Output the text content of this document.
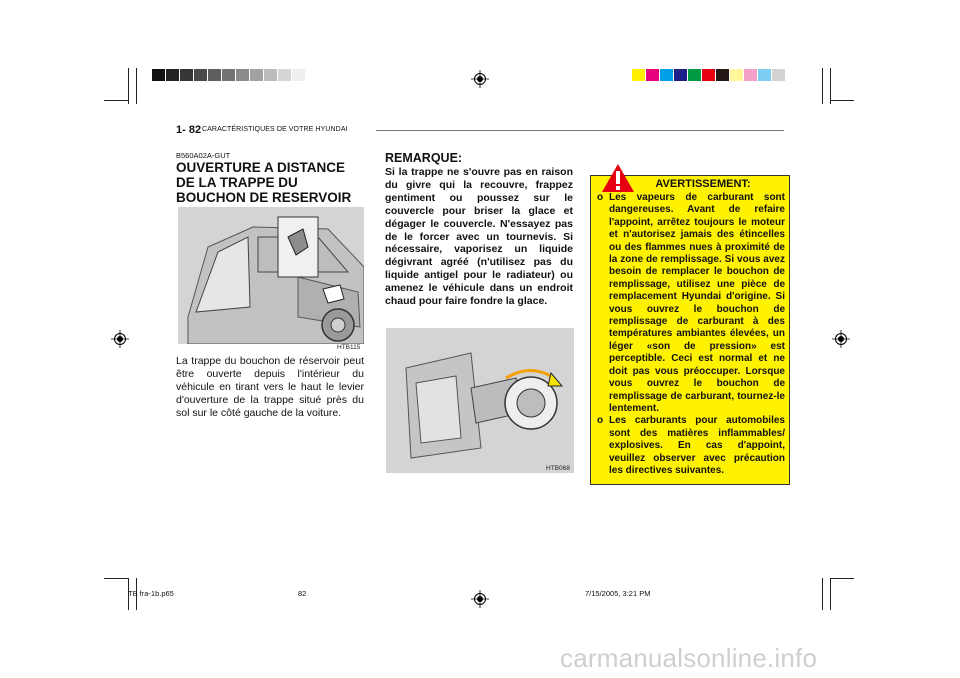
1- 82 CARACTÉRISTIQUES DE VOTRE HYUNDAI
B560A02A-GUT
OUVERTURE A DISTANCE DE LA TRAPPE DU BOUCHON DE RESERVOIR
HTB115
La trappe du bouchon de réservoir peut être ouverte depuis l'intérieur du véhicule en tirant vers le haut le levier d'ouverture de la trappe situé près du sol sur le côté gauche de la voiture.
REMARQUE:
Si la trappe ne s'ouvre pas en raison du givre qui la recouvre, frappez gentiment ou poussez sur le couvercle pour briser la glace et dégager le couvercle. N'essayez pas de le forcer avec un tournevis. Si nécessaire, vaporisez un liquide dégivrant agréé (n'utilisez pas du liquide antigel pour le radiateur) ou amenez le véhicule dans un endroit chaud pour faire fondre la glace.
HTB068
AVERTISSEMENT:
o Les vapeurs de carburant sont dangereuses. Avant de refaire l'appoint, arrêtez toujours le moteur et n'autorisez jamais des étincelles ou des flammes nues à proximité de la zone de remplissage. Si vous avez besoin de remplacer le bouchon de remplissage, utilisez une pièce de remplacement Hyundai d'origine. Si vous ouvrez le bouchon de remplissage de carburant à des températures ambiantes élevées, un léger «son de pression» est perceptible. Ceci est normal et ne doit pas vous préoccuper. Lorsque vous ouvrez le bouchon de remplissage de carburant, tournez-le lentement.
o Les carburants pour automobiles sont des matières inflammables/ explosives. En cas d'appoint, veuillez observer avec précaution les directives suivantes.
TB fra-1b.p65	82	7/15/2005, 3:21 PM
carmanualsonline.info
